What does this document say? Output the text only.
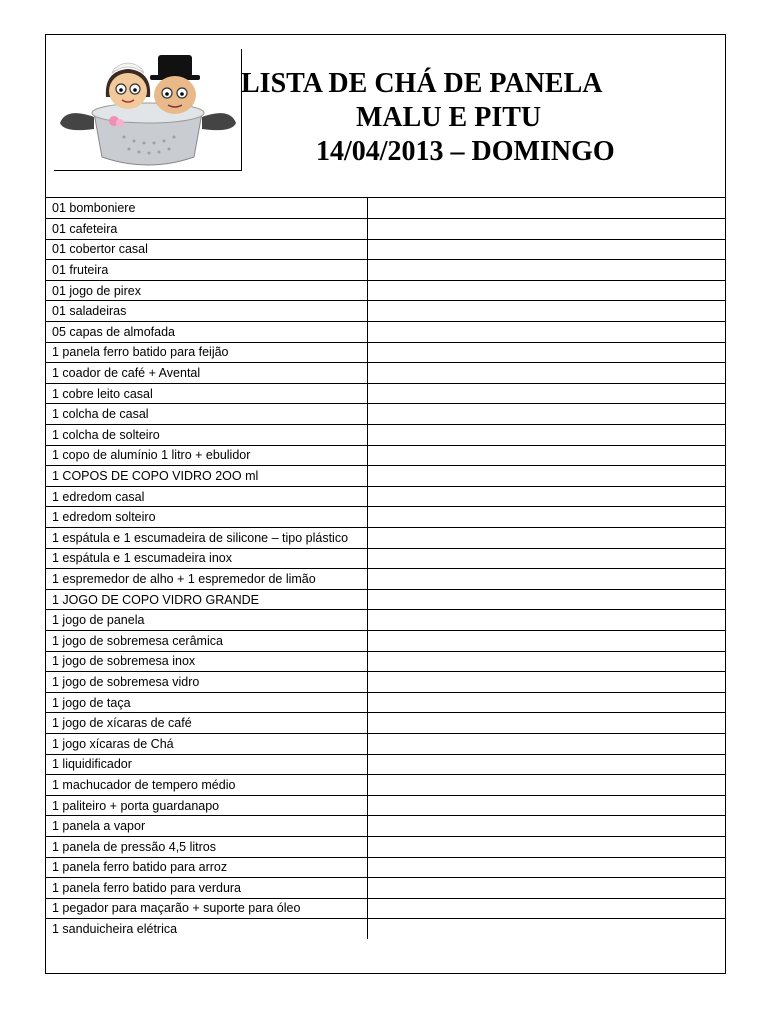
LISTA DE CHÁ DE PANELA
MALU E PITU
14/04/2013 – DOMINGO
01 bomboniere	
01 cafeteira	
01 cobertor casal	
01 fruteira	
01 jogo de pirex	
01 saladeiras	
05 capas de almofada	
1 panela ferro batido para feijão	
1 coador de café + Avental	
1 cobre leito casal	
1 colcha de casal	
1 colcha de solteiro	
1 copo de alumínio 1 litro + ebulidor	
1 COPOS DE COPO VIDRO 2OO ml	
1 edredom casal	
1 edredom solteiro	
1 espátula e 1 escumadeira de silicone – tipo plástico	
1 espátula e 1 escumadeira inox	
1 espremedor de alho + 1 espremedor de limão	
1 JOGO DE COPO VIDRO GRANDE	
1 jogo de panela	
1 jogo de sobremesa cerâmica	
1 jogo de sobremesa inox	
1 jogo de sobremesa vidro	
1 jogo de taça	
1 jogo de xícaras de café	
1 jogo xícaras de Chá	
1 liquidificador	
1 machucador de tempero médio	
1 paliteiro + porta guardanapo	
1 panela a vapor	
1 panela de pressão 4,5 litros	
1 panela ferro batido para arroz	
1 panela ferro batido para verdura	
1 pegador para maçarão + suporte para óleo	
1 sanduicheira elétrica	
